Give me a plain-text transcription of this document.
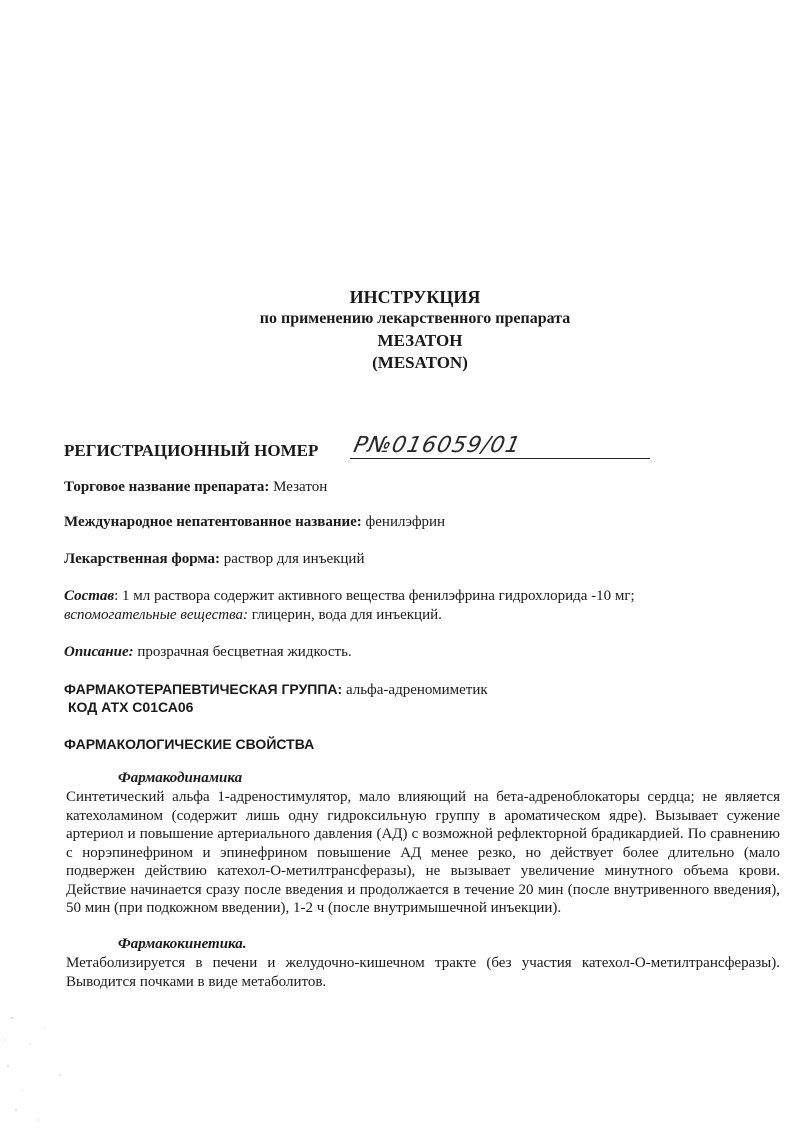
ИНСТРУКЦИЯ
по применению лекарственного препарата
МЕЗАТОН
(MESATON)
РЕГИСТРАЦИОННЫЙ НОМЕР Р№016059/01
Торговое название препарата: Мезатон
Международное непатентованное название: фенилэфрин
Лекарственная форма: раствор для инъекций
Состав: 1 мл раствора содержит активного вещества фенилэфрина гидрохлорида -10 мг;
вспомогательные вещества: глицерин, вода для инъекций.
Описание: прозрачная бесцветная жидкость.
ФАРМАКОТЕРАПЕВТИЧЕСКАЯ ГРУППА: альфа-адреномиметик
КОД АТХ С01СА06
ФАРМАКОЛОГИЧЕСКИЕ СВОЙСТВА
Фармакодинамика
Синтетический альфа 1-адреностимулятор, мало влияющий на бета-адреноблокаторы сердца; не является катехоламином (содержит лишь одну гидроксильную группу в ароматическом ядре). Вызывает сужение артериол и повышение артериального давления (АД) с возможной рефлекторной брадикардией. По сравнению с норэпинефрином и эпинефрином повышение АД менее резко, но действует более длительно (мало подвержен действию катехол-О-метилтрансферазы), не вызывает увеличение минутного объема крови. Действие начинается сразу после введения и продолжается в течение 20 мин (после внутривенного введения), 50 мин (при подкожном введении), 1-2 ч (после внутримышечной инъекции).
Фармакокинетика.
Метаболизируется в печени и желудочно-кишечном тракте (без участия катехол-О-метилтрансферазы). Выводится почками в виде метаболитов.
